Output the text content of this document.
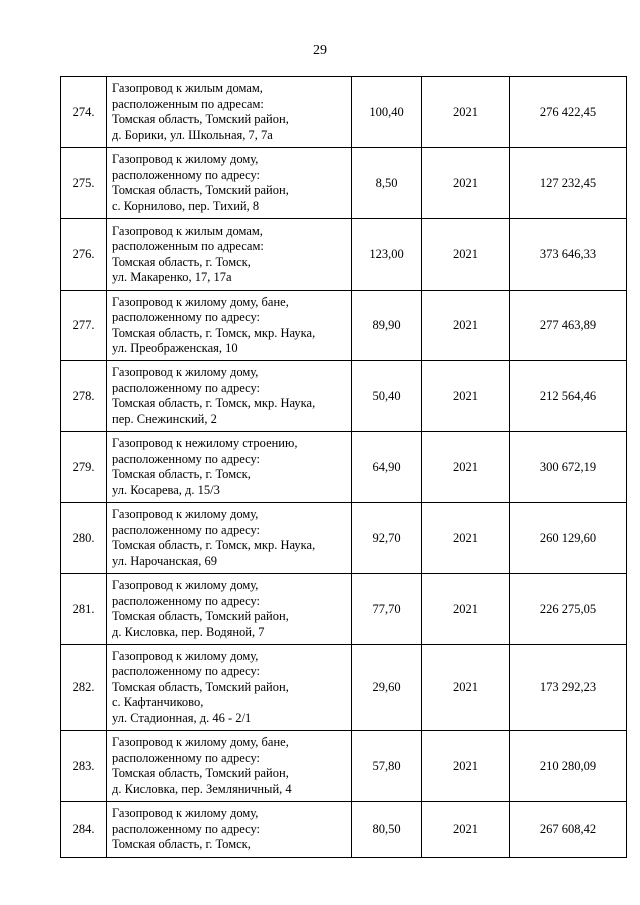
29
274.	Газопровод к жилым домам,
расположенным по адресам:
Томская область, Томский район,
д. Борики, ул. Школьная, 7, 7а	100,40	2021	276 422,45
275.	Газопровод к жилому дому,
расположенному по адресу:
Томская область, Томский район,
с. Корнилово, пер. Тихий, 8	8,50	2021	127 232,45
276.	Газопровод к жилым домам,
расположенным по адресам:
Томская область, г. Томск,
ул. Макаренко, 17, 17а	123,00	2021	373 646,33
277.	Газопровод к жилому дому, бане,
расположенному по адресу:
Томская область, г. Томск, мкр. Наука,
ул. Преображенская, 10	89,90	2021	277 463,89
278.	Газопровод к жилому дому,
расположенному по адресу:
Томская область, г. Томск, мкр. Наука,
пер. Снежинский, 2	50,40	2021	212 564,46
279.	Газопровод к нежилому строению,
расположенному по адресу:
Томская область, г. Томск,
ул. Косарева, д. 15/3	64,90	2021	300 672,19
280.	Газопровод к жилому дому,
расположенному по адресу:
Томская область, г. Томск, мкр. Наука,
ул. Нарочанская, 69	92,70	2021	260 129,60
281.	Газопровод к жилому дому,
расположенному по адресу:
Томская область, Томский район,
д. Кисловка, пер. Водяной, 7	77,70	2021	226 275,05
282.	Газопровод к жилому дому,
расположенному по адресу:
Томская область, Томский район,
с. Кафтанчиково,
ул. Стадионная, д. 46 - 2/1	29,60	2021	173 292,23
283.	Газопровод к жилому дому, бане,
расположенному по адресу:
Томская область, Томский район,
д. Кисловка, пер. Земляничный, 4	57,80	2021	210 280,09
284.	Газопровод к жилому дому,
расположенному по адресу:
Томская область, г. Томск,	80,50	2021	267 608,42
